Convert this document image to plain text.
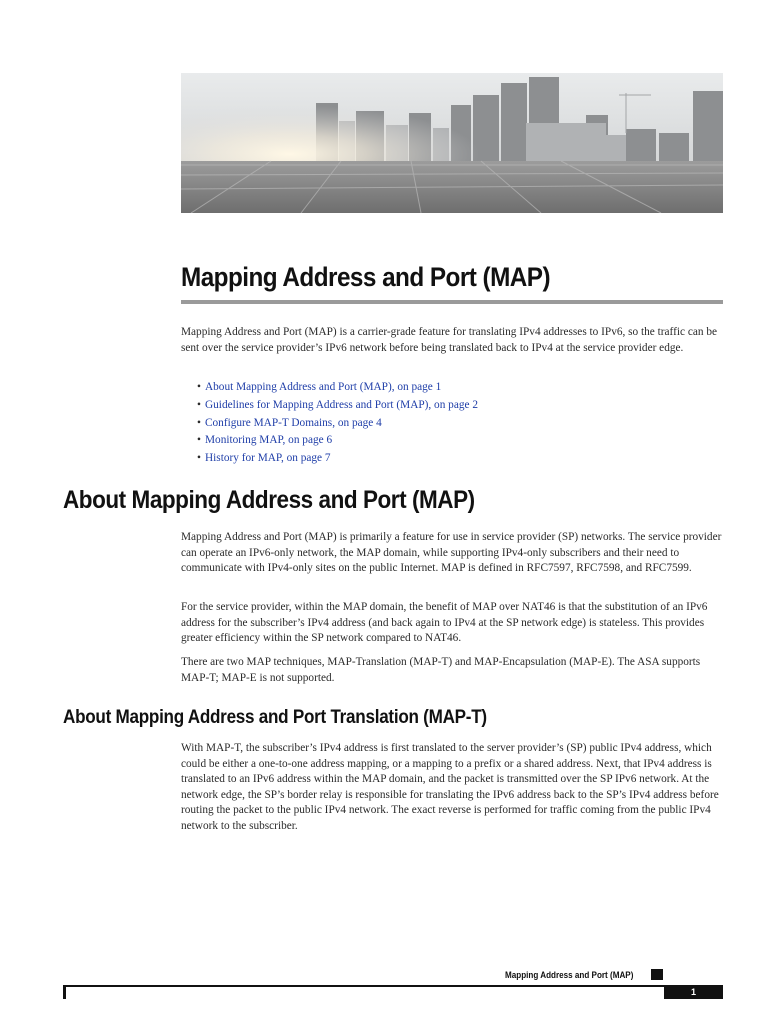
Mapping Address and Port (MAP)

Mapping Address and Port (MAP) is a carrier-grade feature for translating IPv4 addresses to IPv6, so the traffic can be sent over the service provider’s IPv6 network before being translated back to IPv4 at the service provider edge.

• About Mapping Address and Port (MAP), on page 1
• Guidelines for Mapping Address and Port (MAP), on page 2
• Configure MAP-T Domains, on page 4
• Monitoring MAP, on page 6
• History for MAP, on page 7
About Mapping Address and Port (MAP)

Mapping Address and Port (MAP) is primarily a feature for use in service provider (SP) networks. The service provider can operate an IPv6-only network, the MAP domain, while supporting IPv4-only subscribers and their need to communicate with IPv4-only sites on the public Internet. MAP is defined in RFC7597, RFC7598, and RFC7599.

For the service provider, within the MAP domain, the benefit of MAP over NAT46 is that the substitution of an IPv6 address for the subscriber’s IPv4 address (and back again to IPv4 at the SP network edge) is stateless. This provides greater efficiency within the SP network compared to NAT46.

There are two MAP techniques, MAP-Translation (MAP-T) and MAP-Encapsulation (MAP-E). The ASA supports MAP-T; MAP-E is not supported.

About Mapping Address and Port Translation (MAP-T)

With MAP-T, the subscriber’s IPv4 address is first translated to the server provider’s (SP) public IPv4 address, which could be either a one-to-one address mapping, or a mapping to a prefix or a shared address. Next, that IPv4 address is translated to an IPv6 address within the MAP domain, and the packet is transmitted over the SP IPv6 network. At the network edge, the SP’s border relay is responsible for translating the IPv6 address back to the SP’s IPv4 address before routing the packet to the public IPv4 network. The exact reverse is performed for traffic coming from the public IPv4 network to the subscriber.

Mapping Address and Port (MAP)
1
